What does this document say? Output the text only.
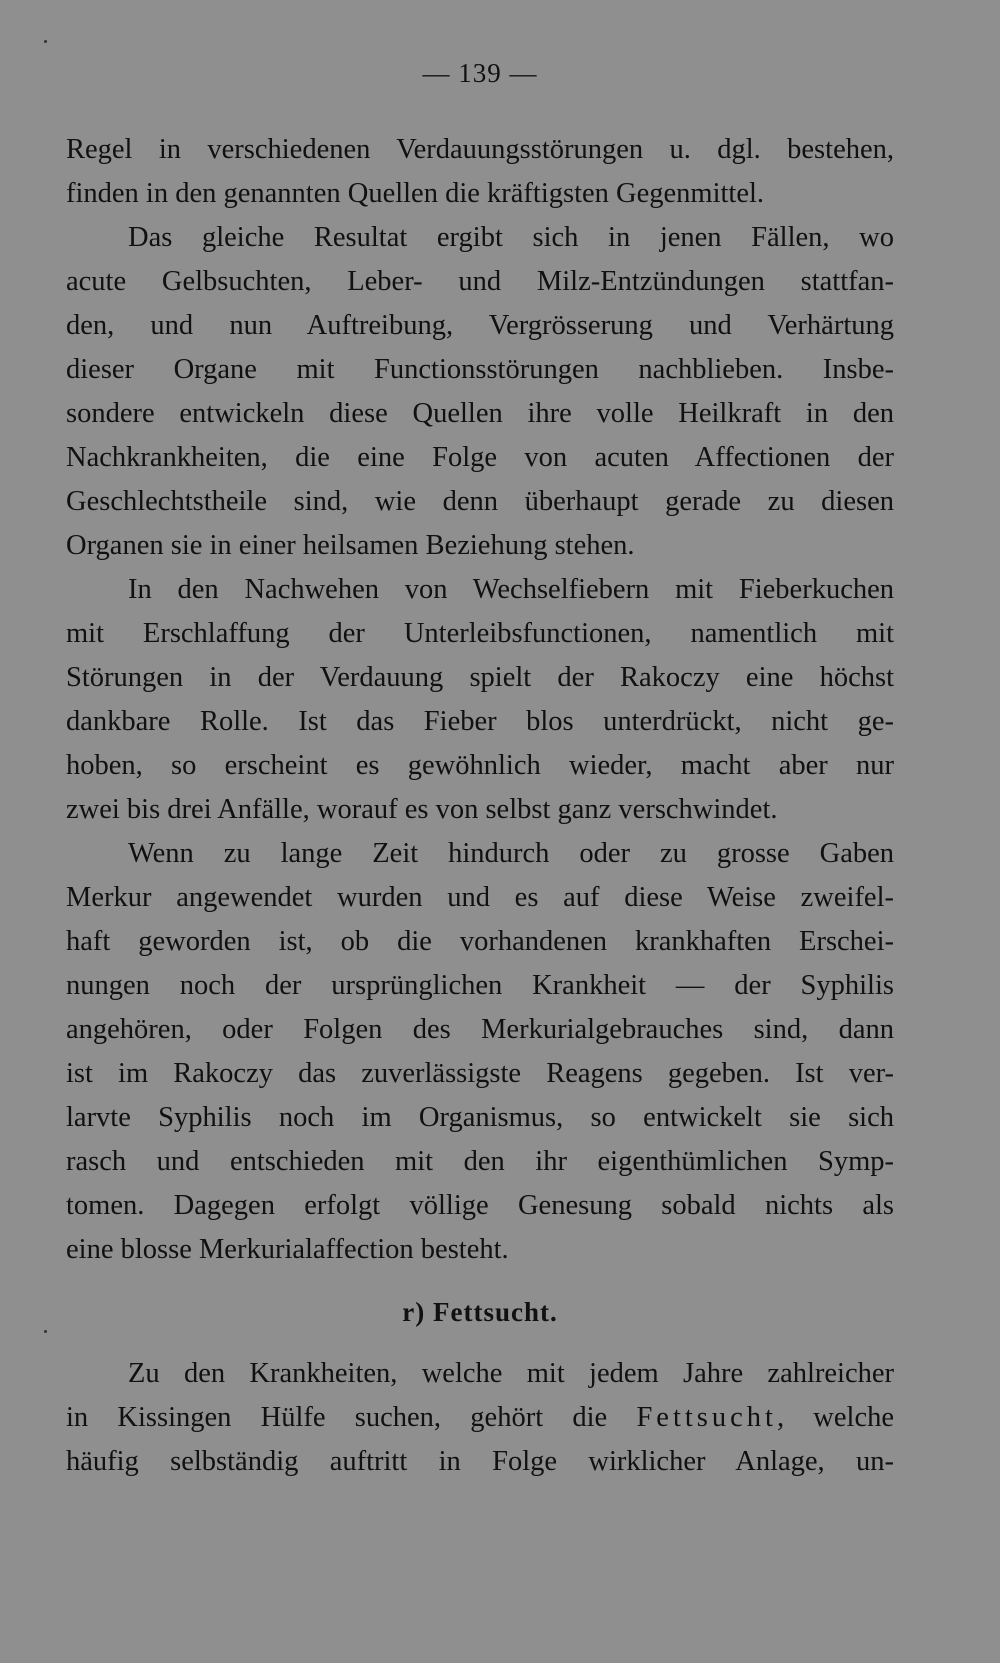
— 139 —
Regel in verschiedenen Verdauungsstörungen u. dgl. bestehen,
finden in den genannten Quellen die kräftigsten Gegenmittel.
Das gleiche Resultat ergibt sich in jenen Fällen, wo
acute Gelbsuchten, Leber- und Milz-Entzündungen stattfan-
den, und nun Auftreibung, Vergrösserung und Verhärtung
dieser Organe mit Functionsstörungen nachblieben. Insbe-
sondere entwickeln diese Quellen ihre volle Heilkraft in den
Nachkrankheiten, die eine Folge von acuten Affectionen der
Geschlechtstheile sind, wie denn überhaupt gerade zu diesen
Organen sie in einer heilsamen Beziehung stehen.
In den Nachwehen von Wechselfiebern mit Fieberkuchen
mit Erschlaffung der Unterleibsfunctionen, namentlich mit
Störungen in der Verdauung spielt der Rakoczy eine höchst
dankbare Rolle. Ist das Fieber blos unterdrückt, nicht ge-
hoben, so erscheint es gewöhnlich wieder, macht aber nur
zwei bis drei Anfälle, worauf es von selbst ganz verschwindet.
Wenn zu lange Zeit hindurch oder zu grosse Gaben
Merkur angewendet wurden und es auf diese Weise zweifel-
haft geworden ist, ob die vorhandenen krankhaften Erschei-
nungen noch der ursprünglichen Krankheit — der Syphilis
angehören, oder Folgen des Merkurialgebrauches sind, dann
ist im Rakoczy das zuverlässigste Reagens gegeben. Ist ver-
larvte Syphilis noch im Organismus, so entwickelt sie sich
rasch und entschieden mit den ihr eigenthümlichen Symp-
tomen. Dagegen erfolgt völlige Genesung sobald nichts als
eine blosse Merkurialaffection besteht.
r) Fettsucht.
Zu den Krankheiten, welche mit jedem Jahre zahlreicher
in Kissingen Hülfe suchen, gehört die Fettsucht, welche
häufig selbständig auftritt in Folge wirklicher Anlage, un-
